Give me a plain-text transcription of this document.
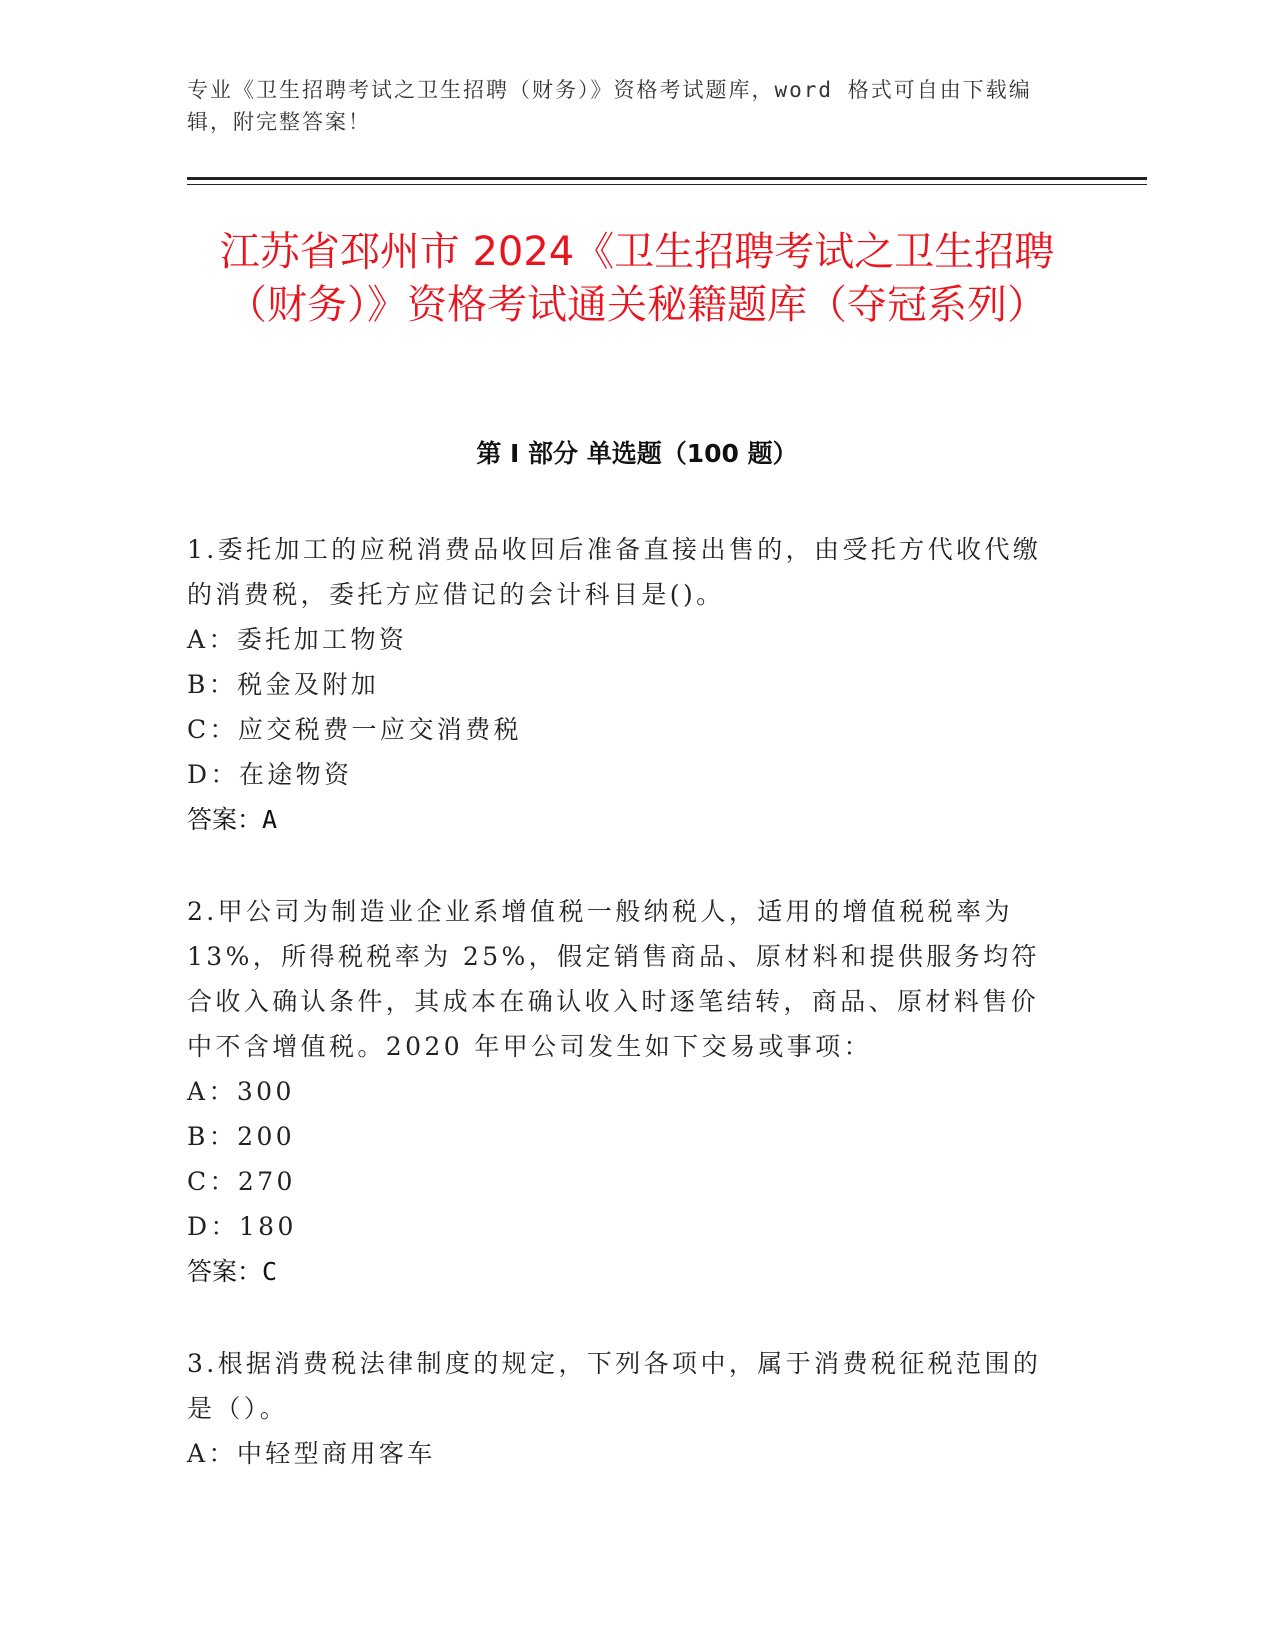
专业《卫生招聘考试之卫生招聘（财务）》资格考试题库，word 格式可自由下载编辑，附完整答案！
江苏省邳州市 2024《卫生招聘考试之卫生招聘（财务）》资格考试通关秘籍题库（夺冠系列）
第 I 部分 单选题（100 题）
1.委托加工的应税消费品收回后准备直接出售的，由受托方代收代缴的消费税，委托方应借记的会计科目是()。
A：委托加工物资
B：税金及附加
C：应交税费一应交消费税
D：在途物资
答案：A
2.甲公司为制造业企业系增值税一般纳税人，适用的增值税税率为 13%，所得税税率为 25%，假定销售商品、原材料和提供服务均符合收入确认条件，其成本在确认收入时逐笔结转，商品、原材料售价中不含增值税。2020 年甲公司发生如下交易或事项：
A：300
B：200
C：270
D：180
答案：C
3.根据消费税法律制度的规定，下列各项中，属于消费税征税范围的是（）。
A：中轻型商用客车
